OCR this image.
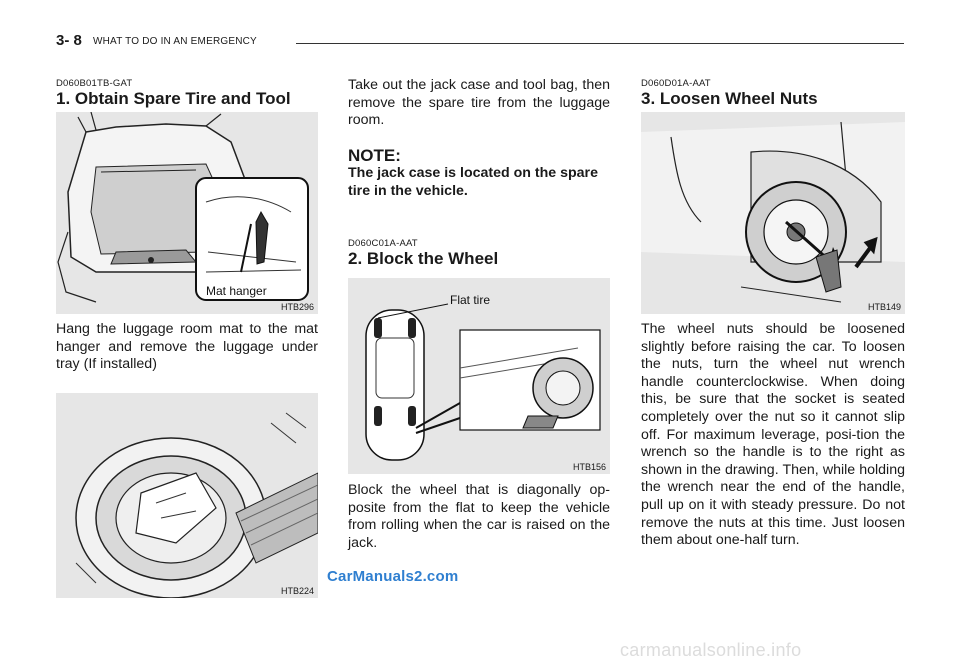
3- 8 WHAT TO DO IN AN EMERGENCY
D060B01TB-GAT
1. Obtain Spare Tire and Tool
Mat hanger
HTB296
Hang the luggage room mat to the mat hanger and remove the luggage under tray (If installed)
HTB224
Take out the jack case and tool bag, then remove the spare tire from the luggage room.
NOTE:
The jack case is located on the spare tire in the vehicle.
D060C01A-AAT
2. Block the Wheel
Flat tire
HTB156
Block the wheel that is diagonally op-posite from the flat to keep the vehicle from rolling when the car is raised on the jack.
D060D01A-AAT
3. Loosen Wheel Nuts
HTB149
The wheel nuts should be loosened slightly before raising the car. To loosen the nuts, turn the wheel nut wrench handle counterclockwise. When doing this, be sure that the socket is seated completely over the nut so it cannot slip off. For maximum leverage, posi-tion the wrench so the handle is to the right as shown in the drawing. Then, while holding the wrench near the end of the handle, pull up on it with steady pressure. Do not remove the nuts at this time. Just loosen them about one-half turn.
CarManuals2.com
carmanualsonline.info
